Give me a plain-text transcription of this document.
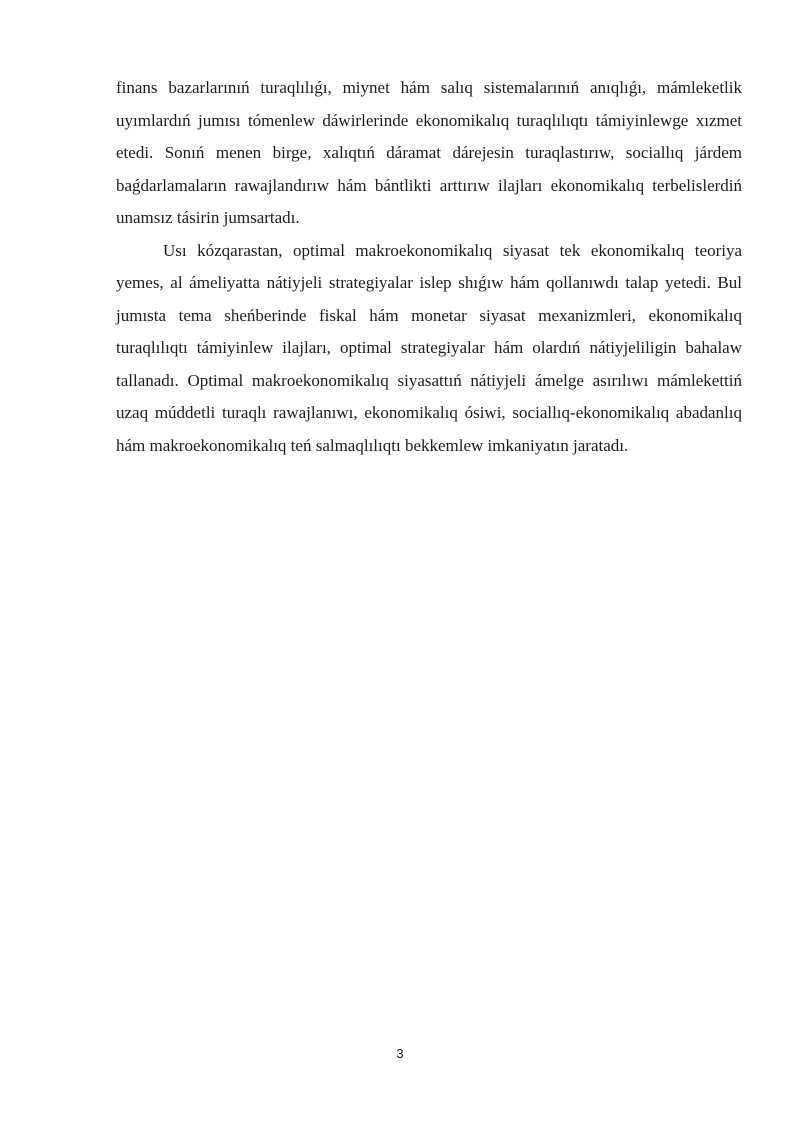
finans bazarlarınıń turaqlılıǵı, miynet hám salıq sistemalarınıń anıqlıǵı, mámleketlik uyımlardıń jumısı tómenlew dáwirlerinde ekonomikalıq turaqlılıqtı támiyinlewge xızmet etedi. Sonıń menen birge, xalıqtıń dáramat dárejesin turaqlastırıw, sociallıq járdem baǵdarlamaların rawajlandırıw hám bántlikti arttırıw ilajları ekonomikalıq terbelislerdiń unamsız tásirin jumsartadı.

Usı kózqarastan, optimal makroekonomikalıq siyasat tek ekonomikalıq teoriya yemes, al ámeliyatta nátiyjeli strategiyalar islep shıǵıw hám qollanıwdı talap yetedi. Bul jumısta tema sheńberinde fiskal hám monetar siyasat mexanizmleri, ekonomikalıq turaqlılıqtı támiyinlew ilajları, optimal strategiyalar hám olardıń nátiyjeliligin bahalaw tallanadı. Optimal makroekonomikalıq siyasattıń nátiyjeli ámelge asırılıwı mámlekettiń uzaq múddetli turaqlı rawajlanıwı, ekonomikalıq ósiwi, sociallıq-ekonomikalıq abadanlıq hám makroekonomikalıq teń salmaqlılıqtı bekkemlew imkaniyatın jaratadı.

3
